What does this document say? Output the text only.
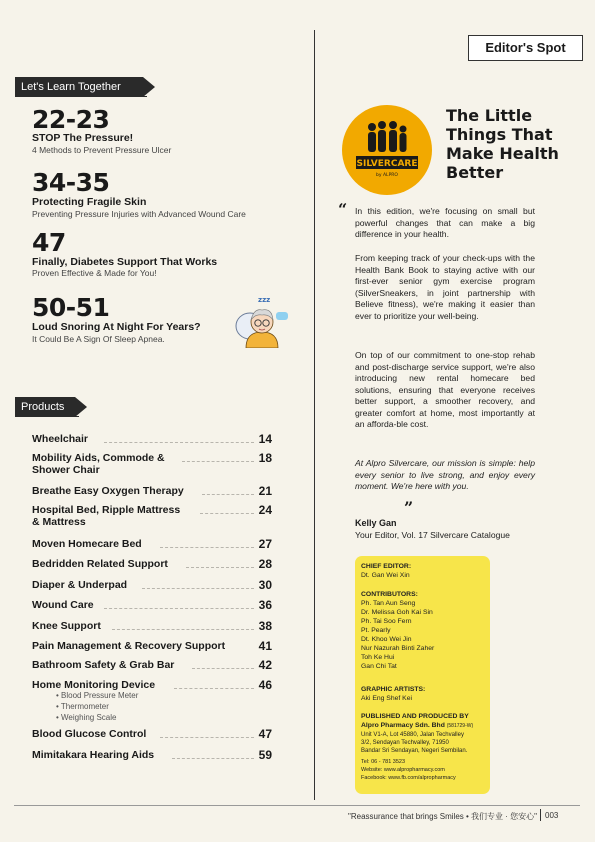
Let's Learn Together
22-23
STOP The Pressure!
4 Methods to Prevent Pressure Ulcer
34-35
Protecting Fragile Skin
Preventing Pressure Injuries with Advanced Wound Care
47
Finally, Diabetes Support That Works
Proven Effective & Made for You!
50-51
Loud Snoring At Night For Years?
It Could Be A Sign Of Sleep Apnea.
zzz
Products
Wheelchair	14
Mobility Aids, Commode &
Shower Chair
18
Breathe Easy Oxygen Therapy	21
Hospital Bed, Ripple Mattress
& Mattress
24
Moven Homecare Bed	27
Bedridden Related Support	28
Diaper & Underpad	30
Wound Care	36
Knee Support	38
Pain Management & Recovery Support	41
Bathroom Safety & Grab Bar	42
Home Monitoring Device	46
• Blood Pressure Meter
• Thermometer
• Weighing Scale
Blood Glucose Control	47
Mimitakara Hearing Aids	59
Editor's Spot
SILVERCARE
by ALPRO
The Little Things That Make Health Better
“ In this edition, we're focusing on small but powerful changes that can make a big difference in your health.
From keeping track of your check-ups with the Health Bank Book to staying active with our first-ever senior gym exercise program (SilverSneakers, in joint partnership with Believe fitness), we're making it easier than ever to prioritize your well-being.
On top of our commitment to one-stop rehab and post-discharge service support, we're also introducing new rental homecare bed solutions, ensuring that everyone receives better support, a smoother recovery, and greater comfort at home, most importantly at an afforda-ble cost.
At Alpro Silvercare, our mission is simple: help every senior to live strong, and enjoy every moment. We're here with you.
”
Kelly Gan
Your Editor, Vol. 17 Silvercare Catalogue
CHIEF EDITOR:
Dt. Gan Wei Xin
CONTRIBUTORS:
Ph. Tan Aun Seng
Dr. Melissa Goh Kai Sin
Ph. Tai Soo Fern
Pt. Pearly
Dt. Khoo Wei Jin
Nur Nazurah Binti Zaher
Toh Ke Hui
Gan Chi Tat
GRAPHIC ARTISTS:
Aki Eng Shef Kei
PUBLISHED AND PRODUCED BY
Alpro Pharmacy Sdn. Bhd (581729-W)
Unit V1-A, Lot 45880, Jalan Techvalley
3/2, Sendayan Techvalley, 71950
Bandar Sri Sendayan, Negeri Sembilan.
Tel: 06 - 781 3523
Website: www.alpropharmacy.com
Facebook: www.fb.com/alpropharmacy
"Reassurance that brings Smiles • 我们专业 · 您安心" 003
